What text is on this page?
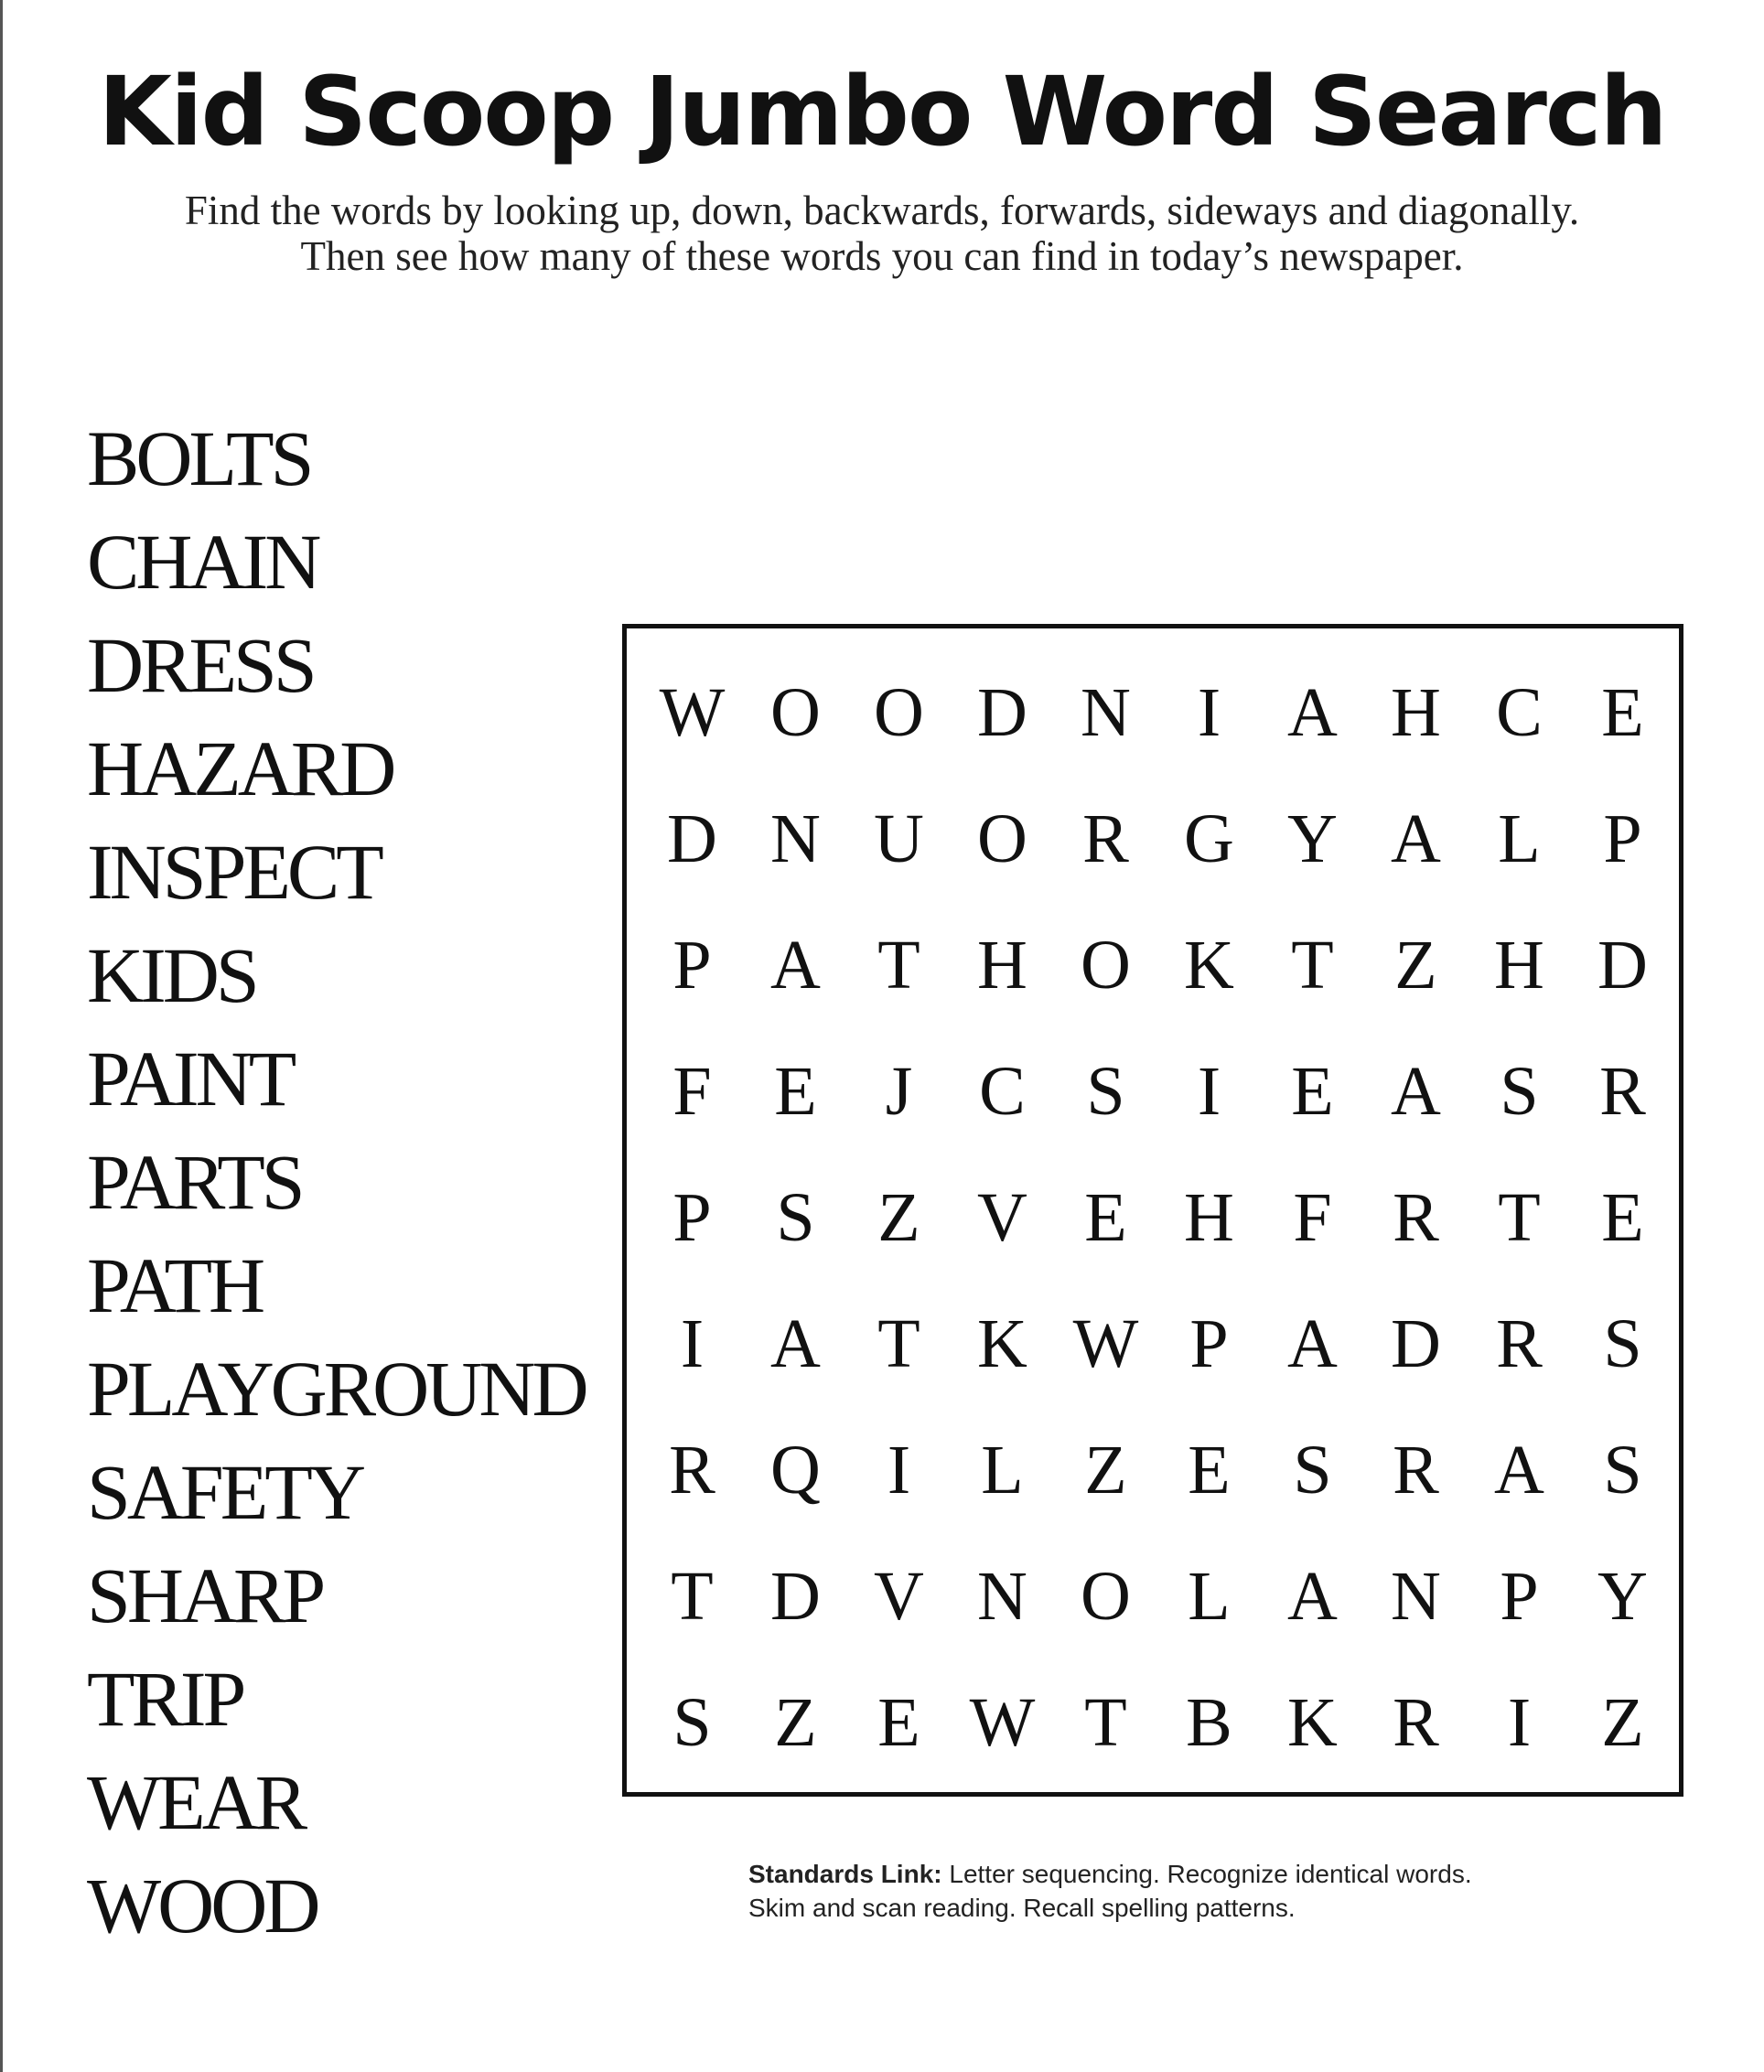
Kid Scoop Jumbo Word Search
Find the words by looking up, down, backwards, forwards, sideways and diagonally.
Then see how many of these words you can find in today’s newspaper.
BOLTS
CHAIN
DRESS
HAZARD
INSPECT
KIDS
PAINT
PARTS
PATH
PLAYGROUND
SAFETY
SHARP
TRIP
WEAR
WOOD
W O O D N I A H C E
D N U O R G Y A L P
P A T H O K T Z H D
F E J C S	I	E A S R
P S Z V E H F R T E
I A T K W P A D R S
R Q I	L Z E S R A S
T D V N O L A N P Y
S Z E W T B K R I	Z
Standards Link: Letter sequencing. Recognize identical words.
Skim and scan reading. Recall spelling patterns.
